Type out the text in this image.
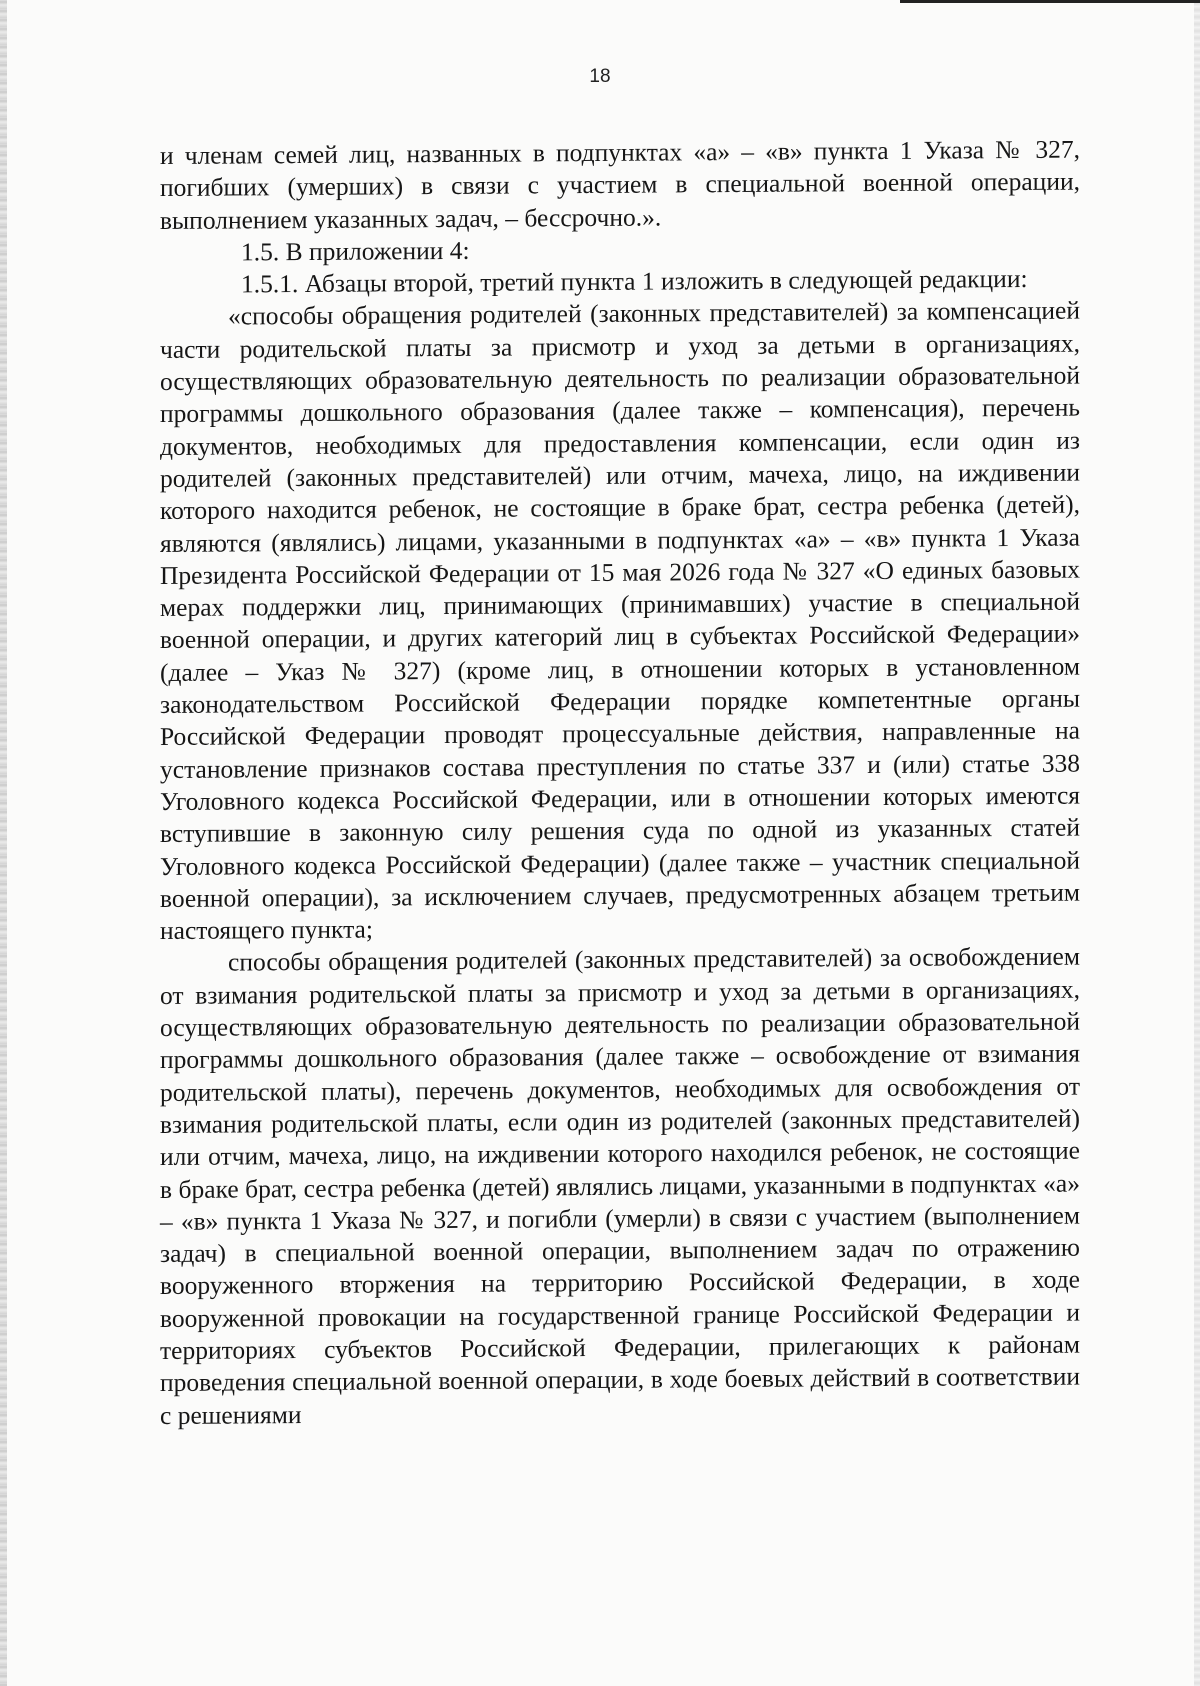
18

и членам семей лиц, названных в подпунктах «а» – «в» пункта 1 Указа № 327, погибших (умерших) в связи с участием в специальной военной операции, выполнением указанных задач, – бессрочно.».

1.5. В приложении 4:

1.5.1. Абзацы второй, третий пункта 1 изложить в следующей редакции:

«способы обращения родителей (законных представителей) за компенсацией части родительской платы за присмотр и уход за детьми в организациях, осуществляющих образовательную деятельность по реализации образовательной программы дошкольного образования (далее также – компенсация), перечень документов, необходимых для предоставления компенсации, если один из родителей (законных представителей) или отчим, мачеха, лицо, на иждивении которого находится ребенок, не состоящие в браке брат, сестра ребенка (детей), являются (являлись) лицами, указанными в подпунктах «а» – «в» пункта 1 Указа Президента Российской Федерации от 15 мая 2026 года № 327 «О единых базовых мерах поддержки лиц, принимающих (принимавших) участие в специальной военной операции, и других категорий лиц в субъектах Российской Федерации» (далее – Указ № 327) (кроме лиц, в отношении которых в установленном законодательством Российской Федерации порядке компетентные органы Российской Федерации проводят процессуальные действия, направленные на установление признаков состава преступления по статье 337 и (или) статье 338 Уголовного кодекса Российской Федерации, или в отношении которых имеются вступившие в законную силу решения суда по одной из указанных статей Уголовного кодекса Российской Федерации) (далее также – участник специальной военной операции), за исключением случаев, предусмотренных абзацем третьим настоящего пункта;

способы обращения родителей (законных представителей) за освобождением от взимания родительской платы за присмотр и уход за детьми в организациях, осуществляющих образовательную деятельность по реализации образовательной программы дошкольного образования (далее также – освобождение от взимания родительской платы), перечень документов, необходимых для освобождения от взимания родительской платы, если один из родителей (законных представителей) или отчим, мачеха, лицо, на иждивении которого находился ребенок, не состоящие в браке брат, сестра ребенка (детей) являлись лицами, указанными в подпунктах «а» – «в» пункта 1 Указа № 327, и погибли (умерли) в связи с участием (выполнением задач) в специальной военной операции, выполнением задач по отражению вооруженного вторжения на территорию Российской Федерации, в ходе вооруженной провокации на государственной границе Российской Федерации и территориях субъектов Российской Федерации, прилегающих к районам проведения специальной военной операции, в ходе боевых действий в соответствии с решениями
